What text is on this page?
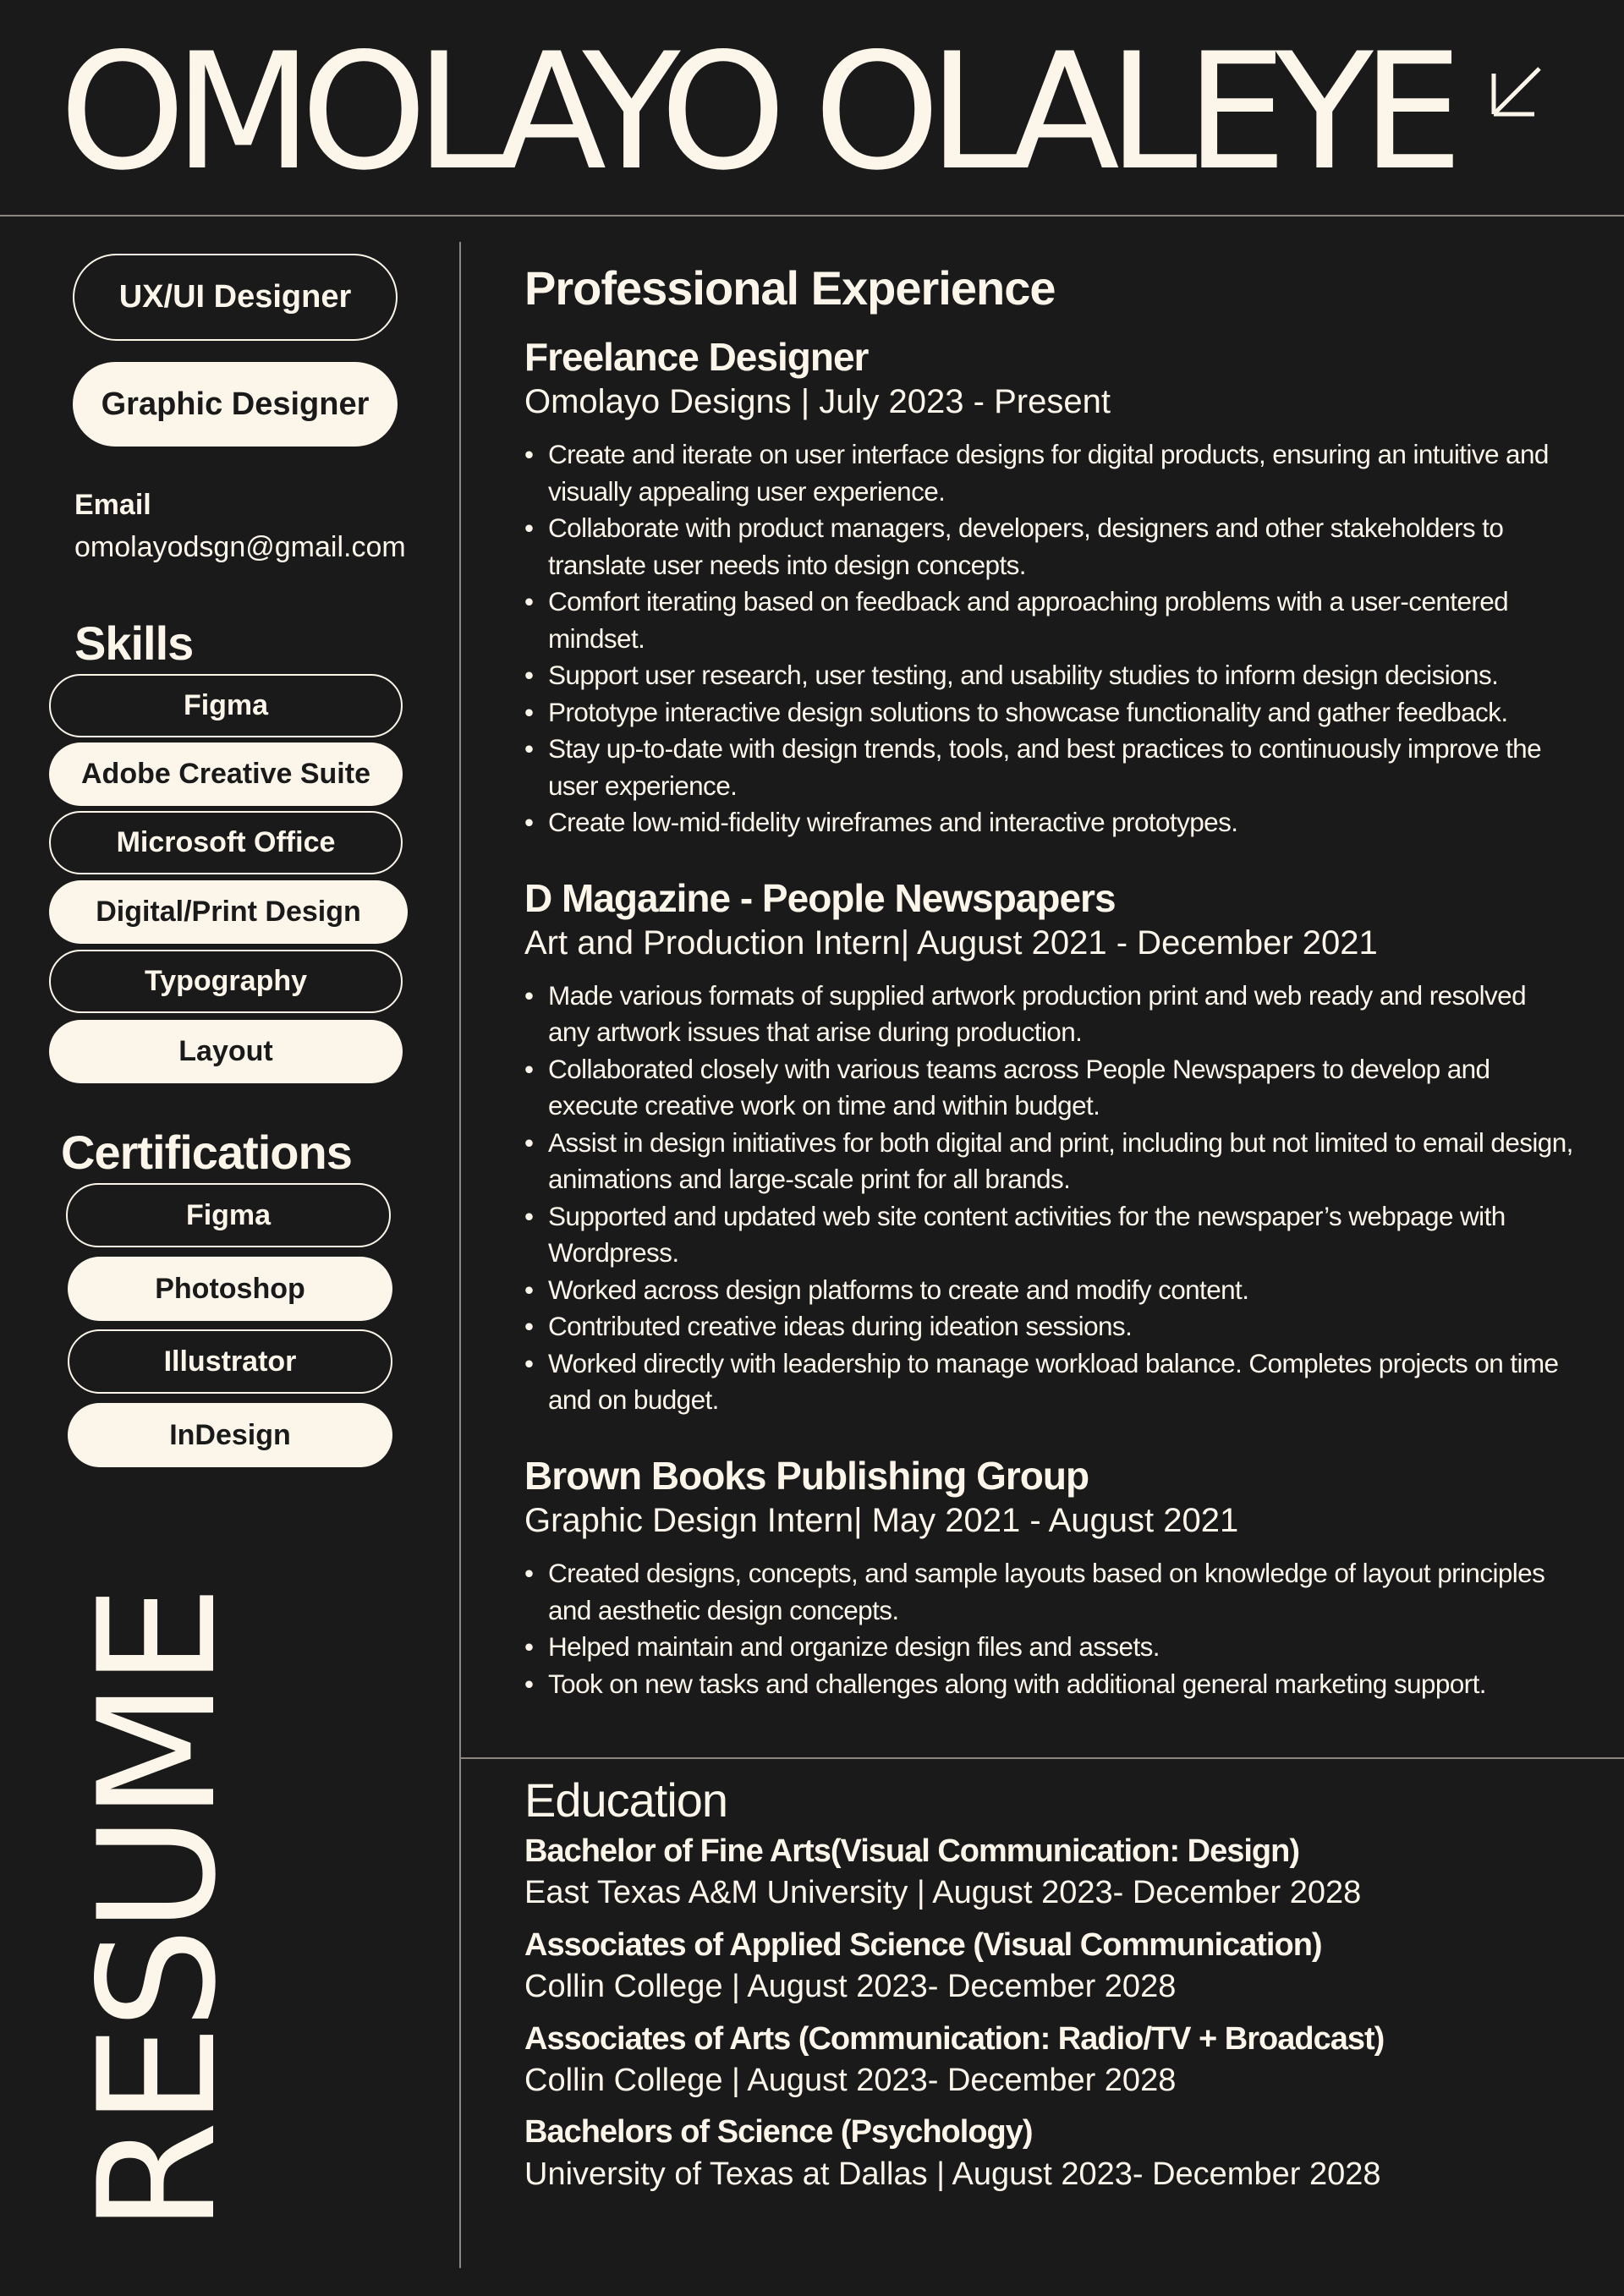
OMOLAYO OLALEYE
UX/UI Designer
Graphic Designer
Email
omolayodsgn@gmail.com
Skills
Figma
Adobe Creative Suite
Microsoft Office
Digital/Print Design
Typography
Layout
Certifications
Figma
Photoshop
Illustrator
InDesign
RESUME
Professional Experience
Freelance Designer
Omolayo Designs | July 2023 - Present
• Create and iterate on user interface designs for digital products, ensuring an intuitive and visually appealing user experience.
• Collaborate with product managers, developers, designers and other stakeholders to translate user needs into design concepts.
• Comfort iterating based on feedback and approaching problems with a user-centered mindset.
• Support user research, user testing, and usability studies to inform design decisions.
• Prototype interactive design solutions to showcase functionality and gather feedback.
• Stay up-to-date with design trends, tools, and best practices to continuously improve the user experience.
• Create low-mid-fidelity wireframes and interactive prototypes.
D Magazine - People Newspapers
Art and Production Intern| August 2021 - December 2021
• Made various formats of supplied artwork production print and web ready and resolved any artwork issues that arise during production.
• Collaborated closely with various teams across People Newspapers to develop and execute creative work on time and within budget.
• Assist in design initiatives for both digital and print, including but not limited to email design, animations and large-scale print for all brands.
• Supported and updated web site content activities for the newspaper’s webpage with Wordpress.
• Worked across design platforms to create and modify content.
• Contributed creative ideas during ideation sessions.
• Worked directly with leadership to manage workload balance. Completes projects on time and on budget.
Brown Books Publishing Group
Graphic Design Intern| May 2021 - August 2021
• Created designs, concepts, and sample layouts based on knowledge of layout principles and aesthetic design concepts.
• Helped maintain and organize design files and assets.
• Took on new tasks and challenges along with additional general marketing support.
Education
Bachelor of Fine Arts(Visual Communication: Design)
East Texas A&M University | August 2023- December 2028
Associates of Applied Science (Visual Communication)
Collin College | August 2023- December 2028
Associates of Arts (Communication: Radio/TV + Broadcast)
Collin College | August 2023- December 2028
Bachelors of Science (Psychology)
University of Texas at Dallas | August 2023- December 2028
